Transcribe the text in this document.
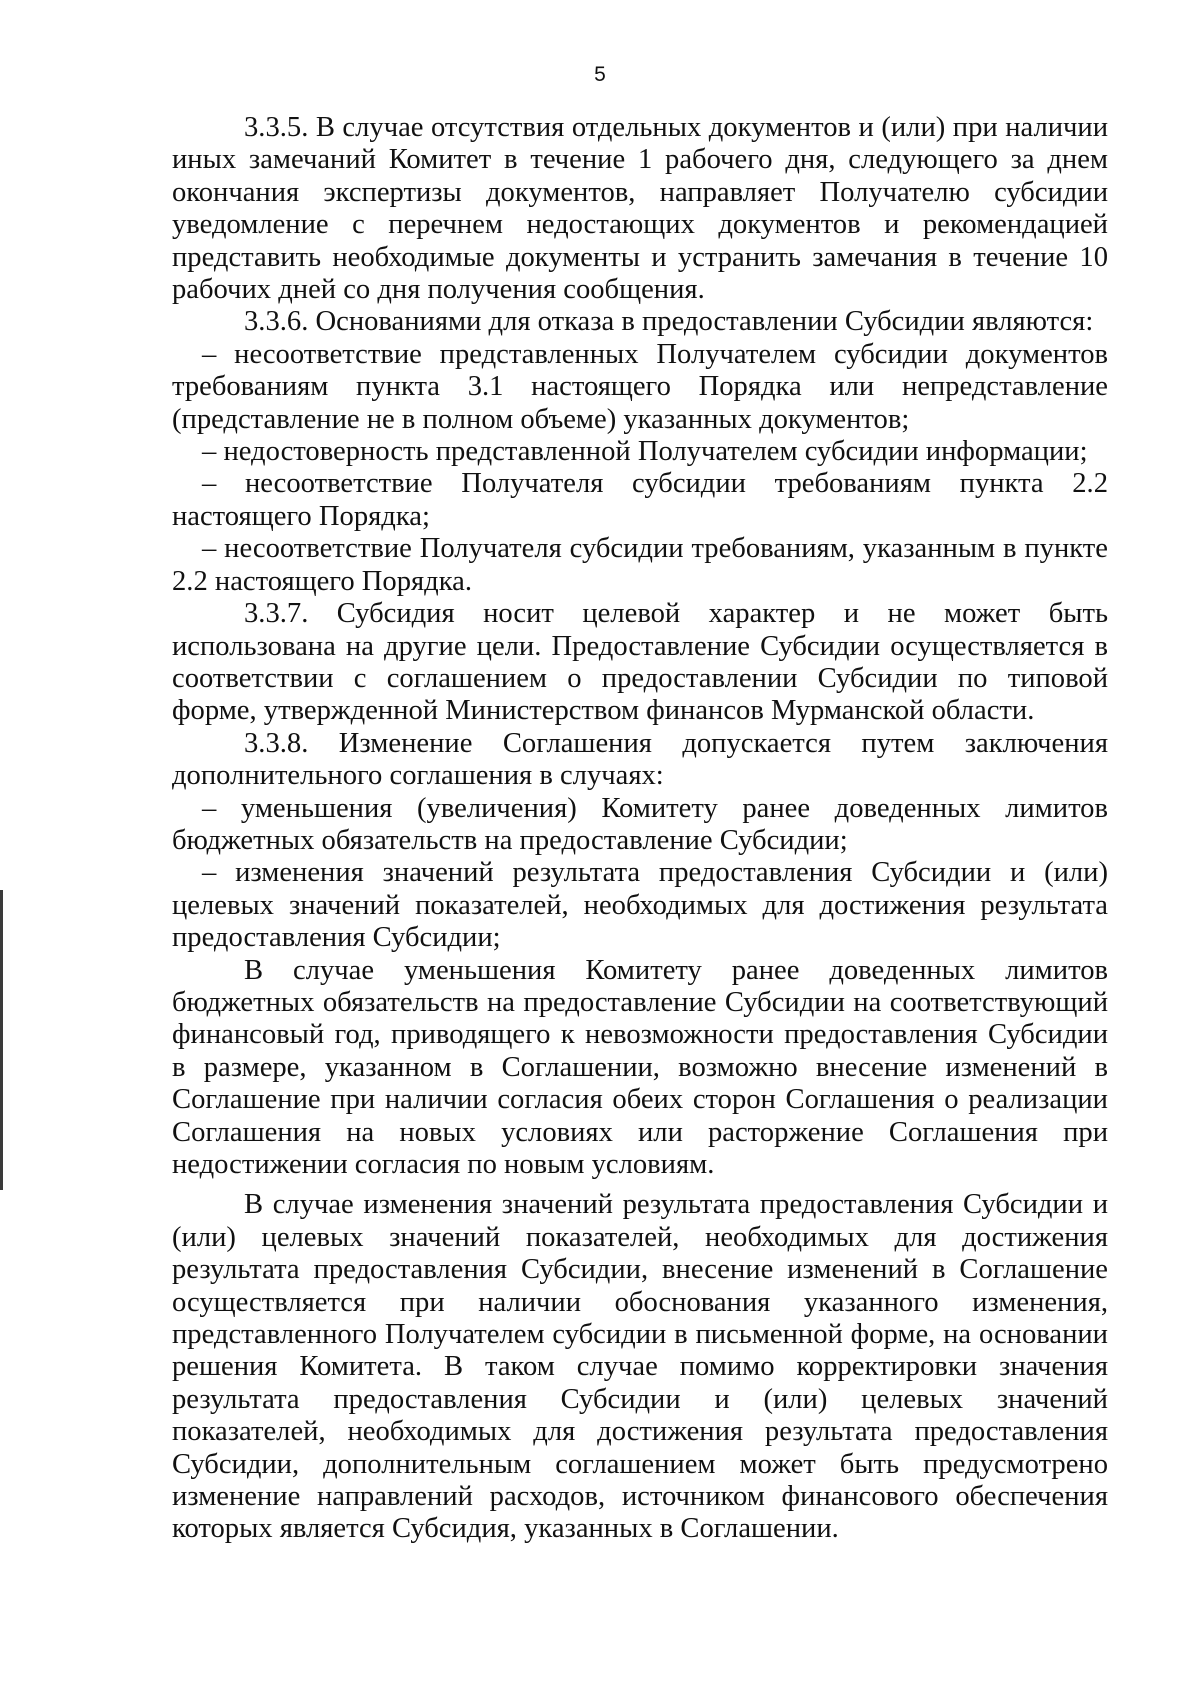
5

3.3.5. В случае отсутствия отдельных документов и (или) при наличии иных замечаний Комитет в течение 1 рабочего дня, следующего за днем окончания экспертизы документов, направляет Получателю субсидии уведомление с перечнем недостающих документов и рекомендацией представить необходимые документы и устранить замечания в течение 10 рабочих дней со дня получения сообщения.

3.3.6. Основаниями для отказа в предоставлении Субсидии являются:

– несоответствие представленных Получателем субсидии документов требованиям пункта 3.1 настоящего Порядка или непредставление (представление не в полном объеме) указанных документов;

– недостоверность представленной Получателем субсидии информации;

– несоответствие Получателя субсидии требованиям пункта 2.2 настоящего Порядка;

– несоответствие Получателя субсидии требованиям, указанным в пункте 2.2 настоящего Порядка.

3.3.7. Субсидия носит целевой характер и не может быть использована на другие цели. Предоставление Субсидии осуществляется в соответствии с соглашением о предоставлении Субсидии по типовой форме, утвержденной Министерством финансов Мурманской области.

3.3.8. Изменение Соглашения допускается путем заключения дополнительного соглашения в случаях:

– уменьшения (увеличения) Комитету ранее доведенных лимитов бюджетных обязательств на предоставление Субсидии;

– изменения значений результата предоставления Субсидии и (или) целевых значений показателей, необходимых для достижения результата предоставления Субсидии;

В случае уменьшения Комитету ранее доведенных лимитов бюджетных обязательств на предоставление Субсидии на соответствующий финансовый год, приводящего к невозможности предоставления Субсидии в размере, указанном в Соглашении, возможно внесение изменений в Соглашение при наличии согласия обеих сторон Соглашения о реализации Соглашения на новых условиях или расторжение Соглашения при недостижении согласия по новым условиям.

В случае изменения значений результата предоставления Субсидии и (или) целевых значений показателей, необходимых для достижения результата предоставления Субсидии, внесение изменений в Соглашение осуществляется при наличии обоснования указанного изменения, представленного Получателем субсидии в письменной форме, на основании решения Комитета. В таком случае помимо корректировки значения результата предоставления Субсидии и (или) целевых значений показателей, необходимых для достижения результата предоставления Субсидии, дополнительным соглашением может быть предусмотрено изменение направлений расходов, источником финансового обеспечения которых является Субсидия, указанных в Соглашении.
